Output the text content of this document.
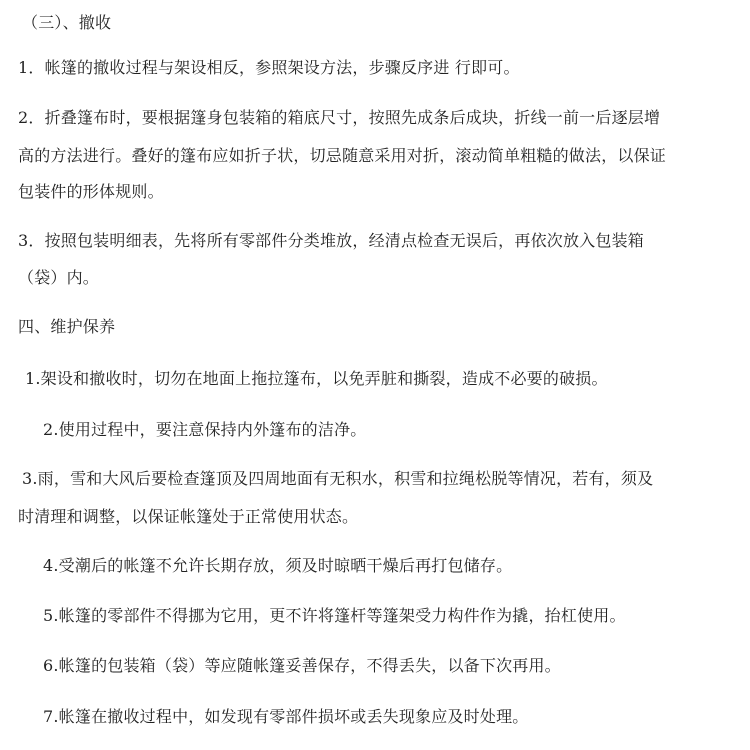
（三）、撤收
1．帐篷的撤收过程与架设相反，参照架设方法，步骤反序进 行即可。
2．折叠篷布时，要根据篷身包装箱的箱底尺寸，按照先成条后成块，折线一前一后逐层增
高的方法进行。叠好的篷布应如折子状，切忌随意采用对折，滚动简单粗糙的做法，以保证
包装件的形体规则。
3．按照包装明细表，先将所有零部件分类堆放，经清点检查无误后，再依次放入包装箱
（袋）内。
四、维护保养
1.架设和撤收时，切勿在地面上拖拉篷布，以免弄脏和撕裂，造成不必要的破损。
2.使用过程中，要注意保持内外篷布的洁净。
3.雨，雪和大风后要检查篷顶及四周地面有无积水，积雪和拉绳松脱等情况，若有，须及
时清理和调整，以保证帐篷处于正常使用状态。
4.受潮后的帐篷不允许长期存放，须及时晾晒干燥后再打包储存。
5.帐篷的零部件不得挪为它用，更不许将篷杆等篷架受力构件作为撬，抬杠使用。
6.帐篷的包装箱（袋）等应随帐篷妥善保存，不得丢失，以备下次再用。
7.帐篷在撤收过程中，如发现有零部件损坏或丢失现象应及时处理。
